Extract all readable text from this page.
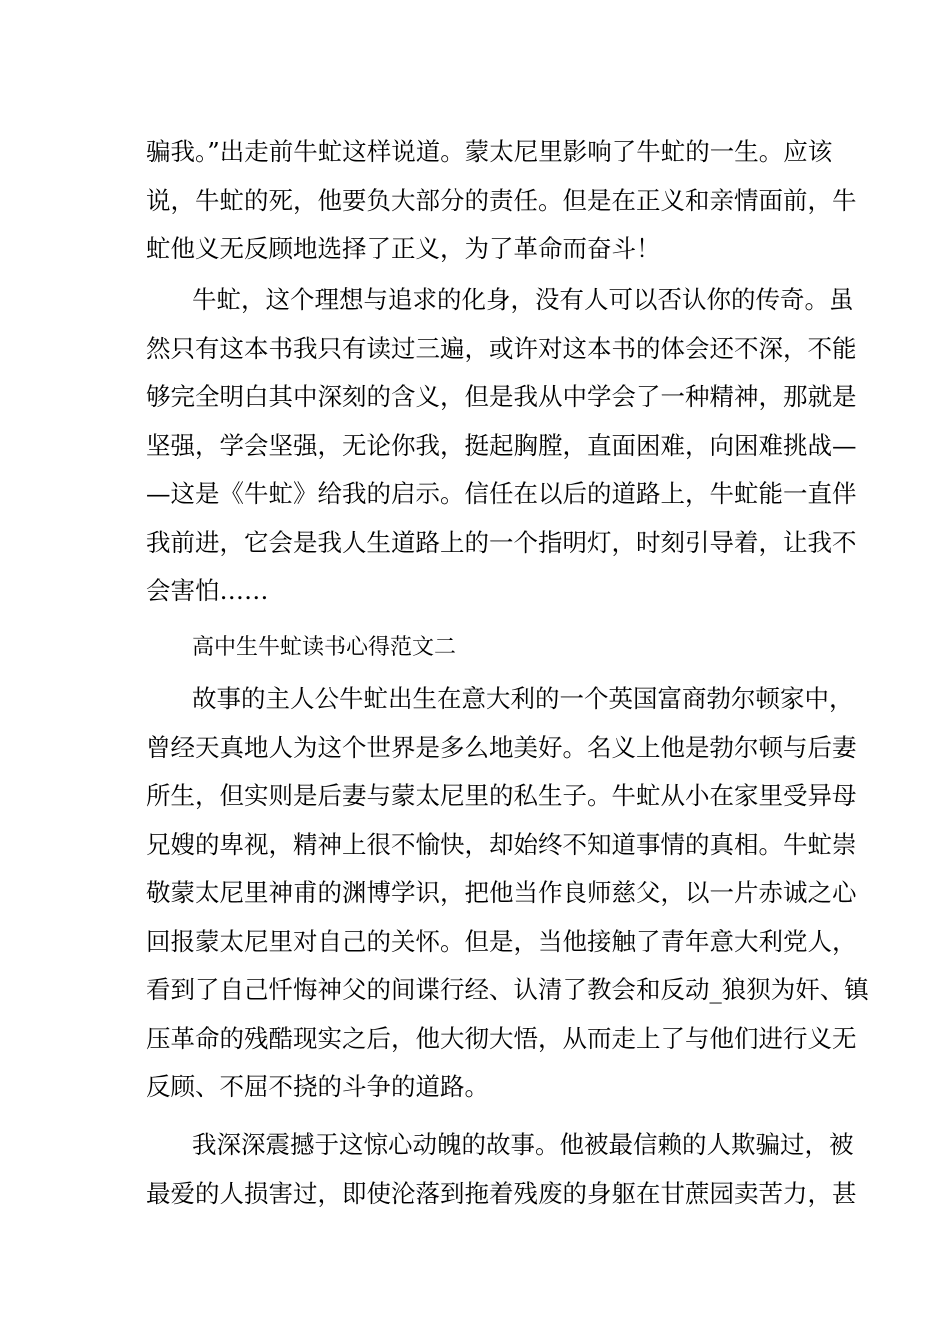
骗我。”出走前牛虻这样说道。蒙太尼里影响了牛虻的一生。应该
说，牛虻的死，他要负大部分的责任。但是在正义和亲情面前，牛
虻他义无反顾地选择了正义，为了革命而奋斗！
牛虻，这个理想与追求的化身，没有人可以否认你的传奇。虽
然只有这本书我只有读过三遍，或许对这本书的体会还不深，不能
够完全明白其中深刻的含义，但是我从中学会了一种精神，那就是
坚强，学会坚强，无论你我，挺起胸膛，直面困难，向困难挑战—
—这是《牛虻》给我的启示。信任在以后的道路上，牛虻能一直伴
我前进，它会是我人生道路上的一个指明灯，时刻引导着，让我不
会害怕……
高中生牛虻读书心得范文二
故事的主人公牛虻出生在意大利的一个英国富商勃尔顿家中，
曾经天真地人为这个世界是多么地美好。名义上他是勃尔顿与后妻
所生，但实则是后妻与蒙太尼里的私生子。牛虻从小在家里受异母
兄嫂的卑视，精神上很不愉快，却始终不知道事情的真相。牛虻崇
敬蒙太尼里神甫的渊博学识，把他当作良师慈父，以一片赤诚之心
回报蒙太尼里对自己的关怀。但是，当他接触了青年意大利党人，
看到了自己忏悔神父的间谍行经、认清了教会和反动_狼狈为奸、镇
压革命的残酷现实之后，他大彻大悟，从而走上了与他们进行义无
反顾、不屈不挠的斗争的道路。
我深深震撼于这惊心动魄的故事。他被最信赖的人欺骗过，被
最爱的人损害过，即使沦落到拖着残废的身躯在甘蔗园卖苦力，甚
